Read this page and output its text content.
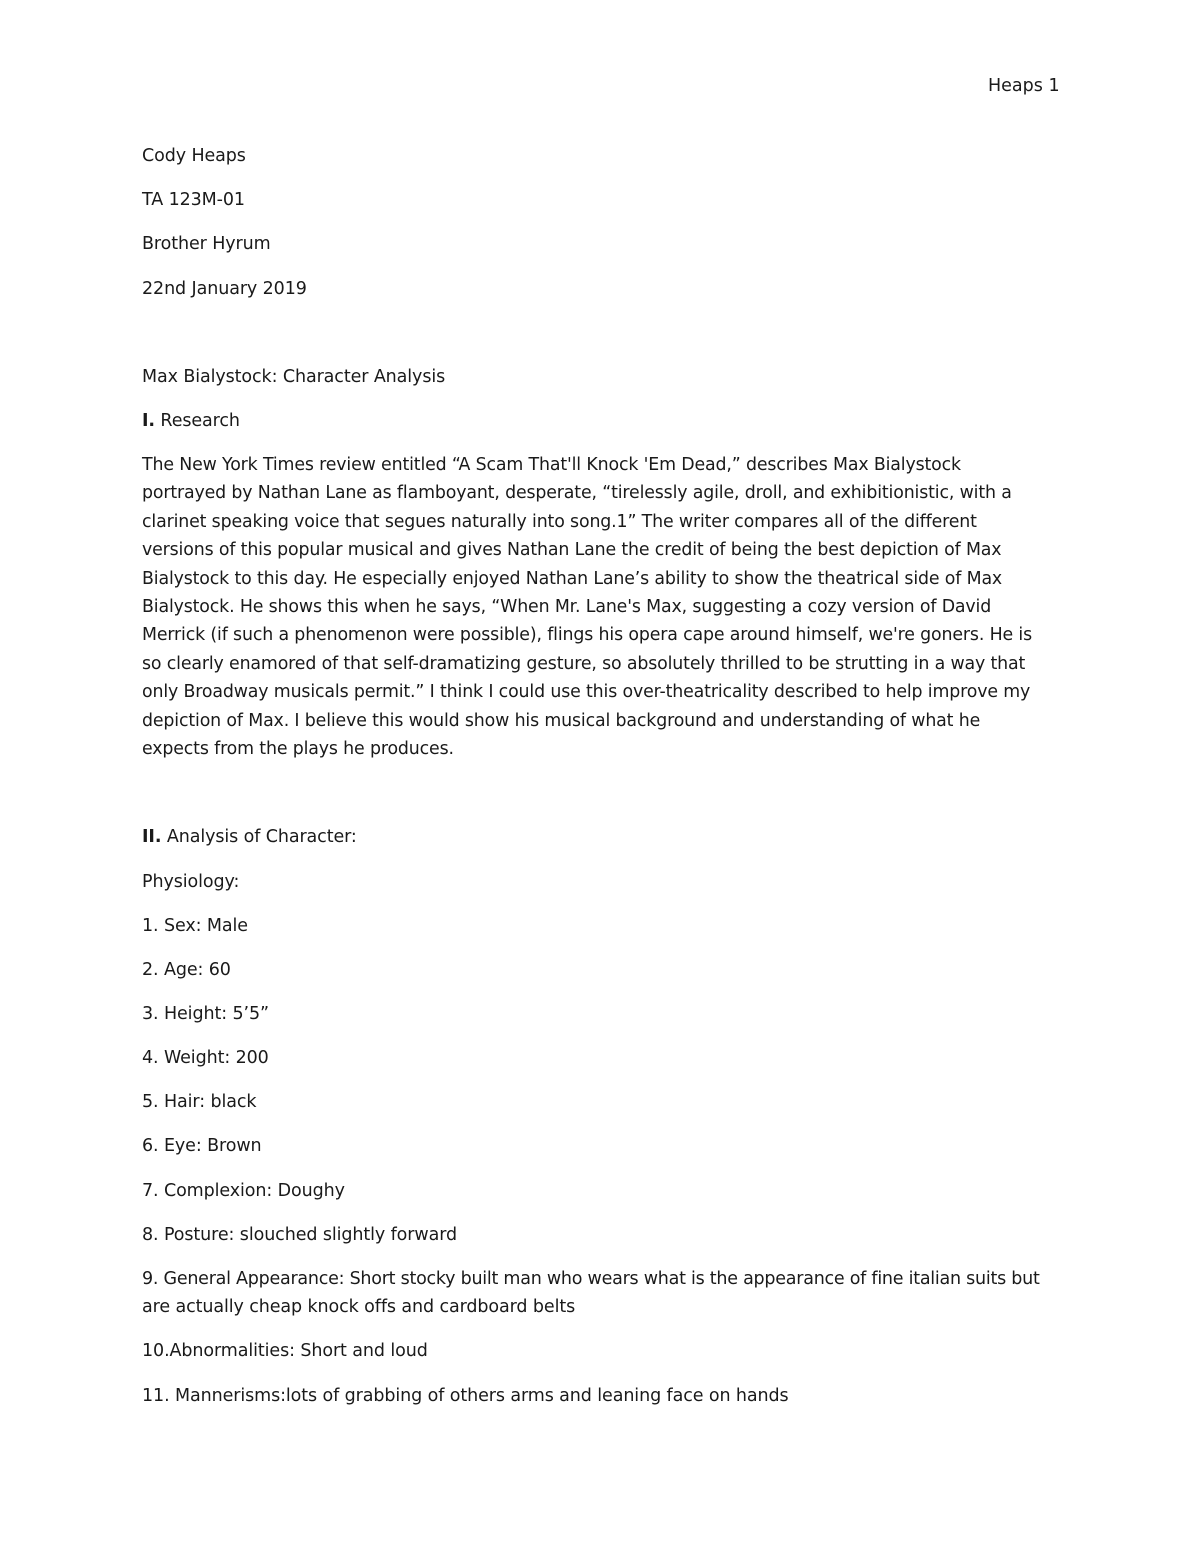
Heaps 1
Cody Heaps
TA 123M-01
Brother Hyrum
22nd January 2019
Max Bialystock: Character Analysis
I. Research
The New York Times review entitled “A Scam That'll Knock 'Em Dead,” describes Max Bialystock
portrayed by Nathan Lane as flamboyant, desperate, “tirelessly agile, droll, and exhibitionistic, with a
clarinet speaking voice that segues naturally into song.1” The writer compares all of the different
versions of this popular musical and gives Nathan Lane the credit of being the best depiction of Max
Bialystock to this day. He especially enjoyed Nathan Lane’s ability to show the theatrical side of Max
Bialystock. He shows this when he says, “When Mr. Lane's Max, suggesting a cozy version of David
Merrick (if such a phenomenon were possible), flings his opera cape around himself, we're goners. He is
so clearly enamored of that self-dramatizing gesture, so absolutely thrilled to be strutting in a way that
only Broadway musicals permit.” I think I could use this over-theatricality described to help improve my
depiction of Max. I believe this would show his musical background and understanding of what he
expects from the plays he produces.
II. Analysis of Character:
Physiology:
1. Sex: Male
2. Age: 60
3. Height: 5’5”
4. Weight: 200
5. Hair: black
6. Eye: Brown
7. Complexion: Doughy
8. Posture: slouched slightly forward
9. General Appearance: Short stocky built man who wears what is the appearance of fine italian suits but
are actually cheap knock offs and cardboard belts
10.Abnormalities: Short and loud
11. Mannerisms:lots of grabbing of others arms and leaning face on hands
